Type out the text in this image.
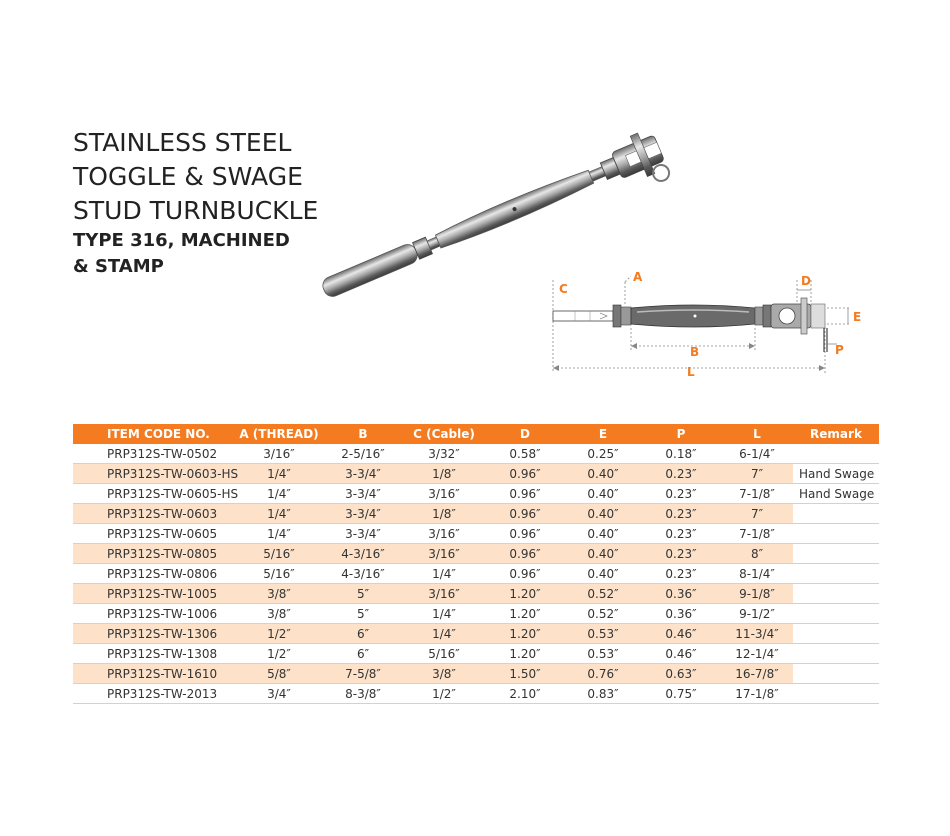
STAINLESS STEEL
TOGGLE & SWAGE
STUD TURNBUCKLE
TYPE 316, MACHINED
& STAMP
C
A
B
L
D
E
P
ITEM CODE NO.	A (THREAD)	B	C (Cable)	D	E	P	L	Remark
PRP312S-TW-0502	3/16″	2-5/16″	3/32″	0.58″	0.25″	0.18″	6-1/4″	
PRP312S-TW-0603-HS	1/4″	3-3/4″	1/8″	0.96″	0.40″	0.23″	7″	Hand Swage
PRP312S-TW-0605-HS	1/4″	3-3/4″	3/16″	0.96″	0.40″	0.23″	7-1/8″	Hand Swage
PRP312S-TW-0603	1/4″	3-3/4″	1/8″	0.96″	0.40″	0.23″	7″	
PRP312S-TW-0605	1/4″	3-3/4″	3/16″	0.96″	0.40″	0.23″	7-1/8″	
PRP312S-TW-0805	5/16″	4-3/16″	3/16″	0.96″	0.40″	0.23″	8″	
PRP312S-TW-0806	5/16″	4-3/16″	1/4″	0.96″	0.40″	0.23″	8-1/4″	
PRP312S-TW-1005	3/8″	5″	3/16″	1.20″	0.52″	0.36″	9-1/8″	
PRP312S-TW-1006	3/8″	5″	1/4″	1.20″	0.52″	0.36″	9-1/2″	
PRP312S-TW-1306	1/2″	6″	1/4″	1.20″	0.53″	0.46″	11-3/4″	
PRP312S-TW-1308	1/2″	6″	5/16″	1.20″	0.53″	0.46″	12-1/4″	
PRP312S-TW-1610	5/8″	7-5/8″	3/8″	1.50″	0.76″	0.63″	16-7/8″	
PRP312S-TW-2013	3/4″	8-3/8″	1/2″	2.10″	0.83″	0.75″	17-1/8″	
